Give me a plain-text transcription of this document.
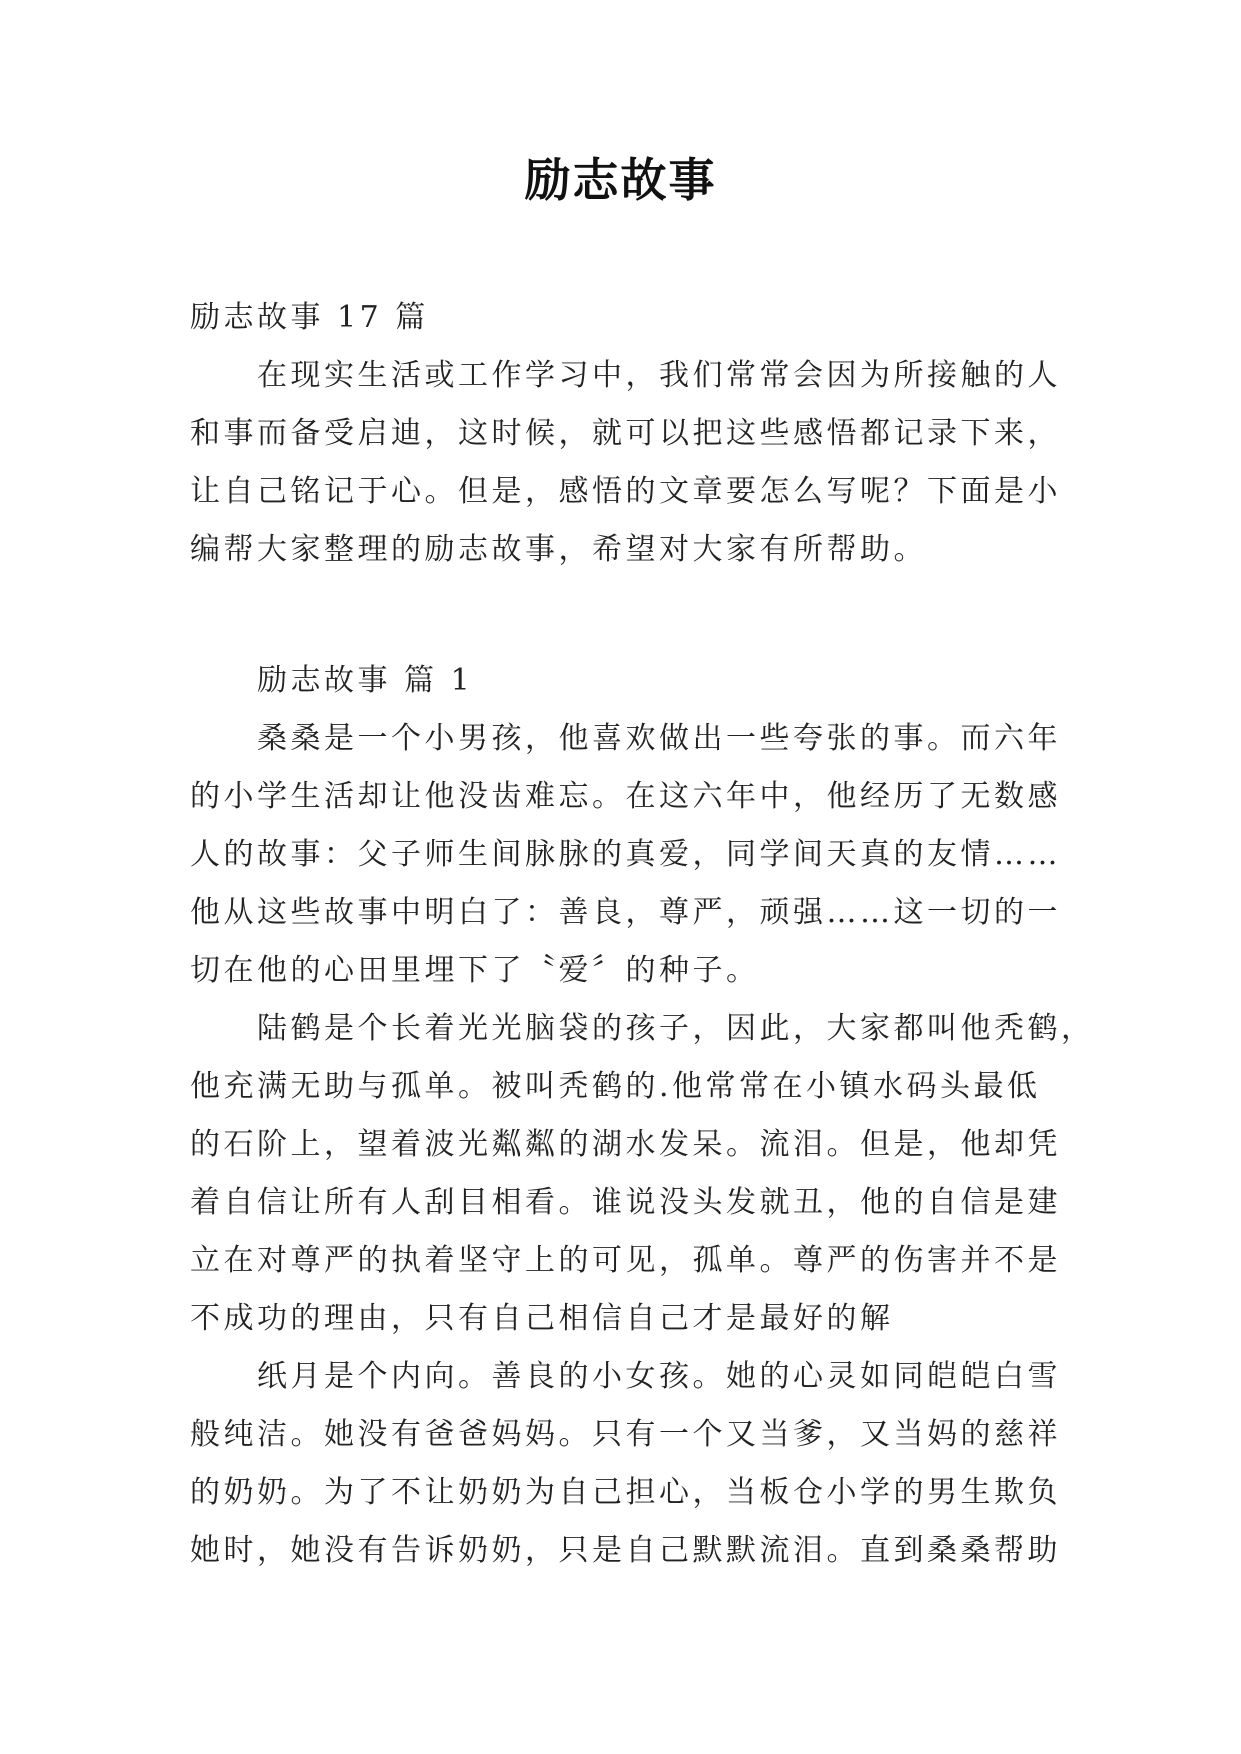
励志故事
励志故事 17 篇
在现实生活或工作学习中，我们常常会因为所接触的人
和事而备受启迪，这时候，就可以把这些感悟都记录下来，
让自己铭记于心。但是，感悟的文章要怎么写呢？下面是小
编帮大家整理的励志故事，希望对大家有所帮助。
励志故事 篇 1
桑桑是一个小男孩，他喜欢做出一些夸张的事。而六年
的小学生活却让他没齿难忘。在这六年中，他经历了无数感
人的故事：父子师生间脉脉的真爱，同学间天真的友情……
他从这些故事中明白了：善良，尊严，顽强……这一切的一
切在他的心田里埋下了〝爱〞的种子。
陆鹤是个长着光光脑袋的孩子，因此，大家都叫他秃鹤，
他充满无助与孤单。被叫秃鹤的.他常常在小镇水码头最低
的石阶上，望着波光粼粼的湖水发呆。流泪。但是，他却凭
着自信让所有人刮目相看。谁说没头发就丑，他的自信是建
立在对尊严的执着坚守上的可见，孤单。尊严的伤害并不是
不成功的理由，只有自己相信自己才是最好的解
纸月是个内向。善良的小女孩。她的心灵如同皑皑白雪
般纯洁。她没有爸爸妈妈。只有一个又当爹，又当妈的慈祥
的奶奶。为了不让奶奶为自己担心，当板仓小学的男生欺负
她时，她没有告诉奶奶，只是自己默默流泪。直到桑桑帮助
